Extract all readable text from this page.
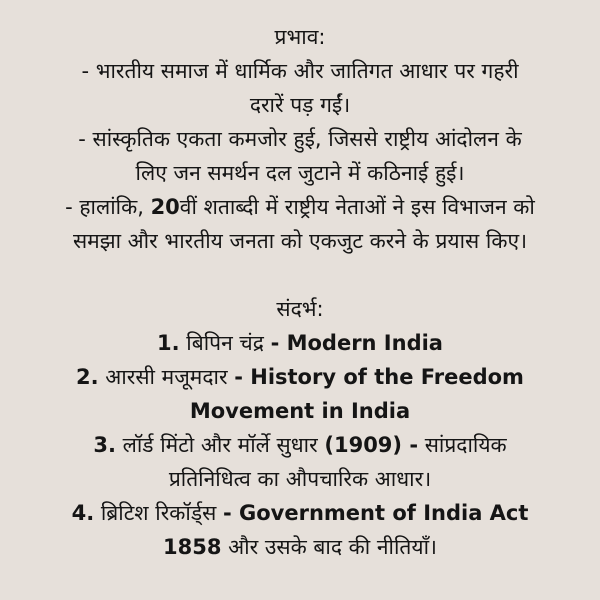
प्रभाव:

- भारतीय समाज में धार्मिक और जातिगत आधार पर गहरी

दरारें पड़ गईं।

- सांस्कृतिक एकता कमजोर हुई, जिससे राष्ट्रीय आंदोलन के

लिए जन समर्थन दल जुटाने में कठिनाई हुई।

- हालांकि, 20वीं शताब्दी में राष्ट्रीय नेताओं ने इस विभाजन को

समझा और भारतीय जनता को एकजुट करने के प्रयास किए।

संदर्भ:

1. बिपिन चंद्र - Modern India

2. आरसी मजूमदार - History of the Freedom

Movement in India

3. लॉर्ड मिंटो और मॉर्ले सुधार (1909) - सांप्रदायिक

प्रतिनिधित्व का औपचारिक आधार।

4. ब्रिटिश रिकॉर्ड्स - Government of India Act

1858 और उसके बाद की नीतियाँ।
